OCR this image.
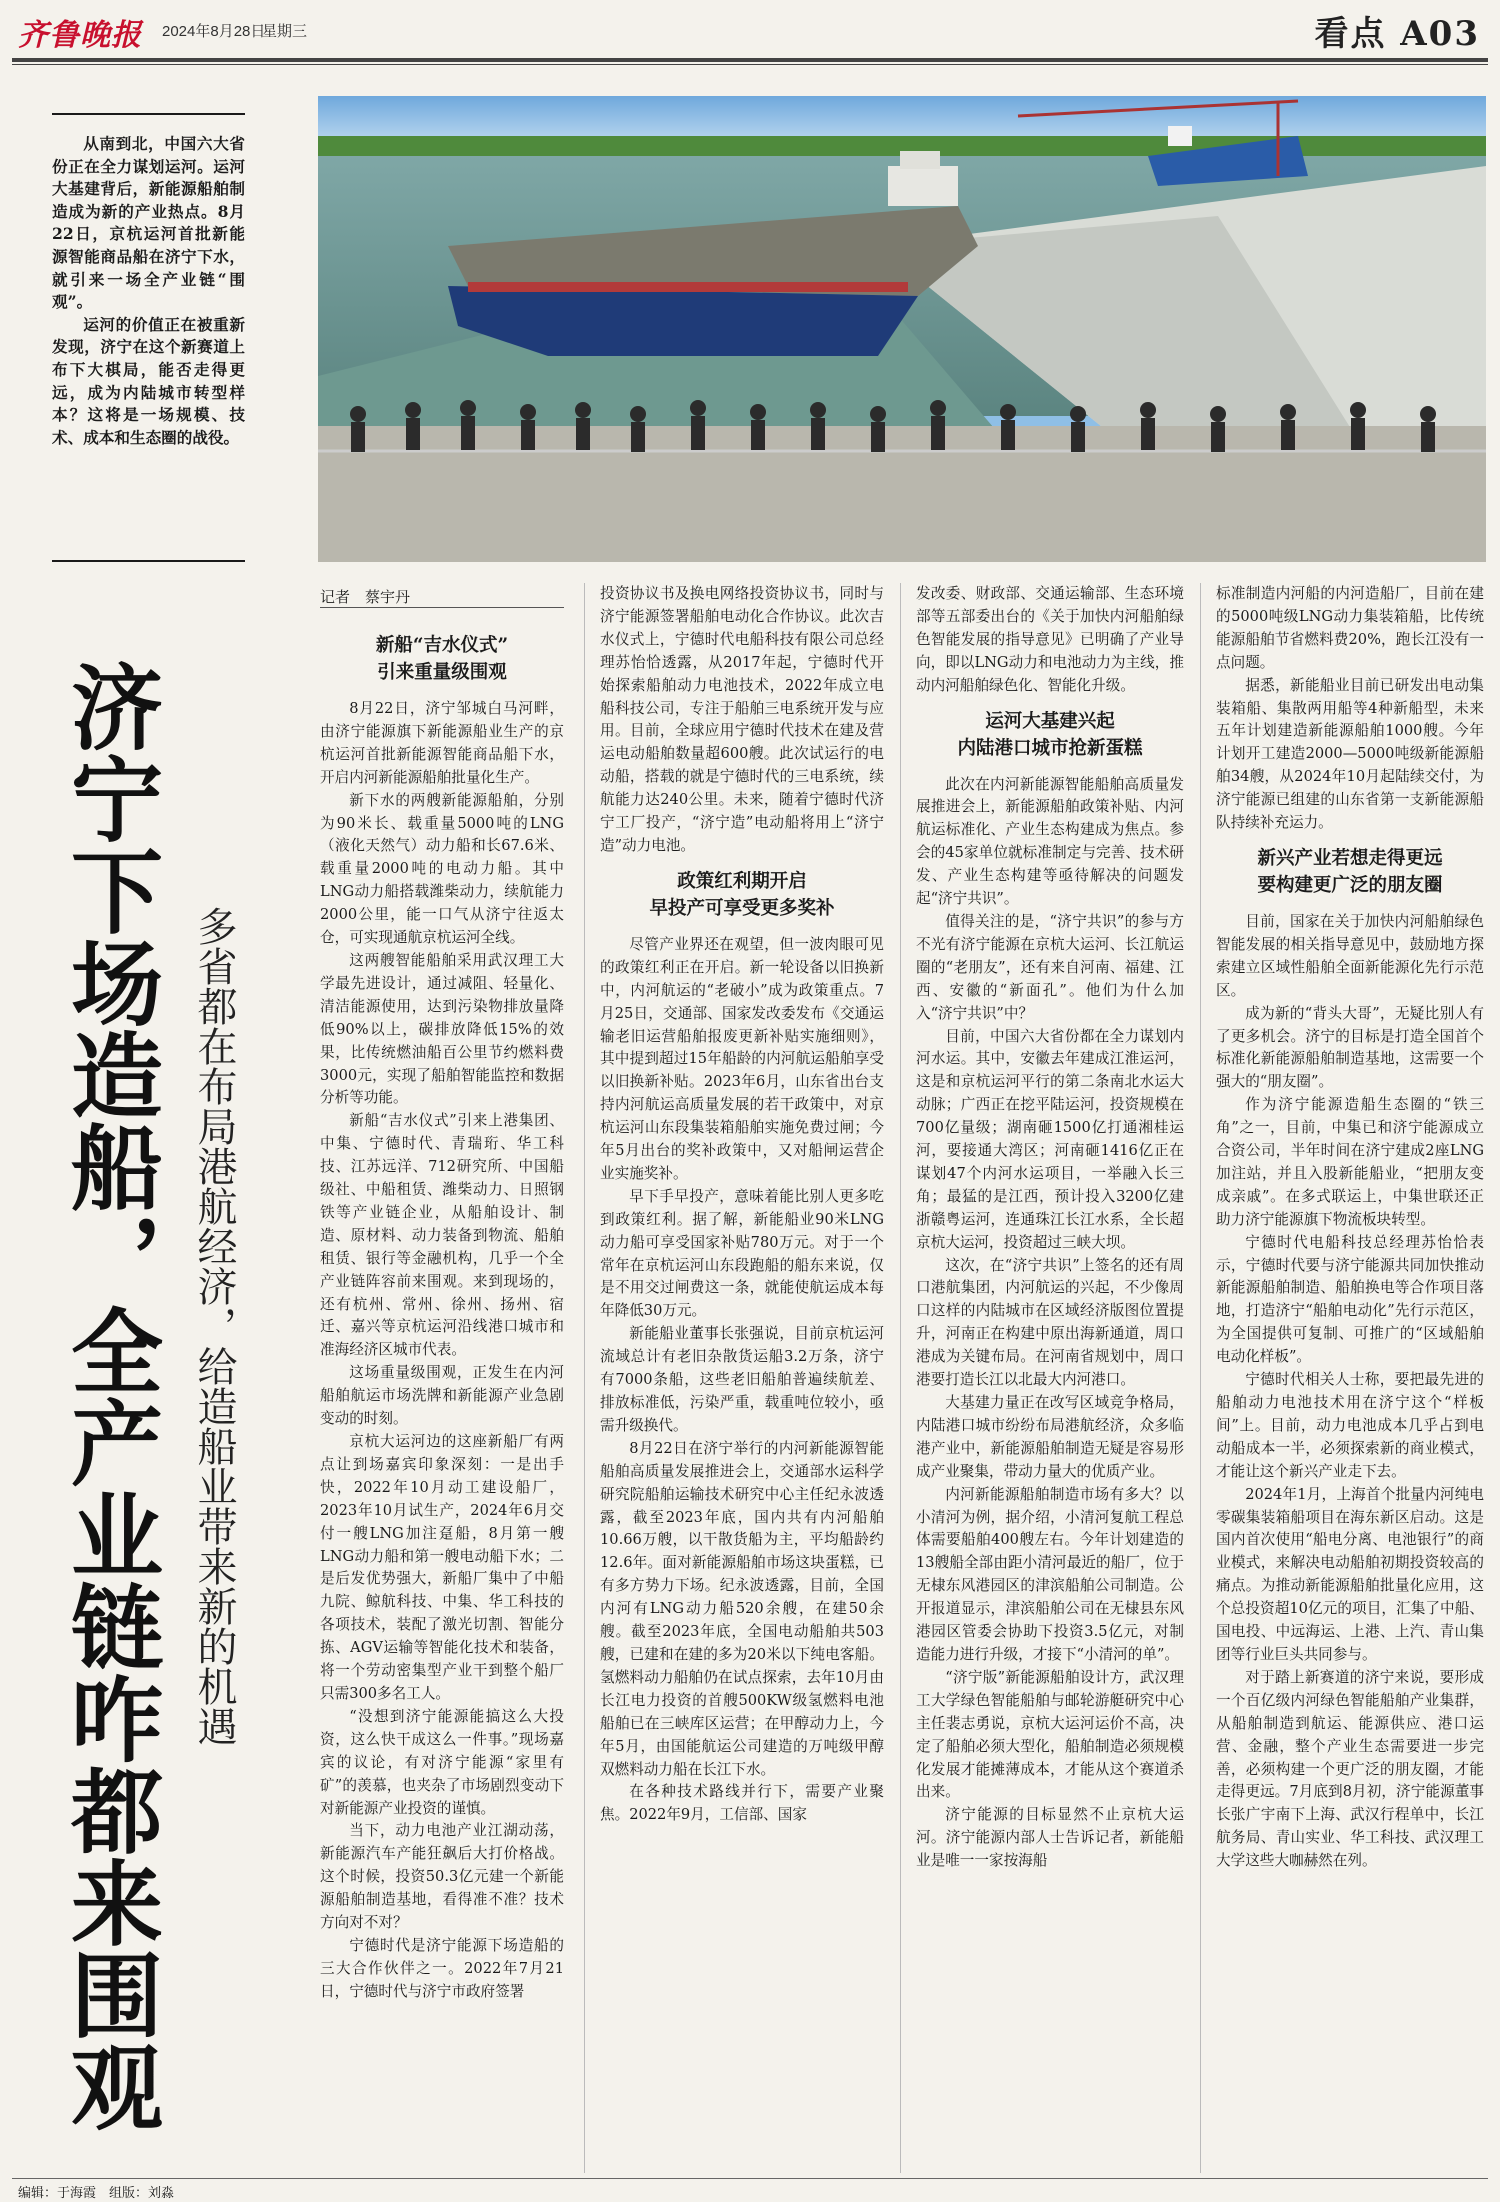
齐鲁晚报 2024年8月28日
星期三	看点 A03

从南到北，中国六大省份正在全力谋划运河。运河大基建背后，新能源船舶制造成为新的产业热点。8月22日，京杭运河首批新能源智能商品船在济宁下水，就引来一场全产业链“围观”。

运河的价值正在被重新发现，济宁在这个新赛道上布下大棋局，能否走得更远，成为内陆城市转型样本？这将是一场规模、技术、成本和生态圈的战役。

济宁下场造船，全产业链咋都来围观 多省都在布局港航经济，给造船业带来新的机遇
记者　蔡宇丹
新船“吉水仪式”
引来重量级围观

8月22日，济宁邹城白马河畔，由济宁能源旗下新能源船业生产的京杭运河首批新能源智能商品船下水，开启内河新能源船舶批量化生产。

新下水的两艘新能源船舶，分别为90米长、载重量5000吨的LNG（液化天然气）动力船和长67.6米、载重量2000吨的电动力船。其中LNG动力船搭载潍柴动力，续航能力2000公里，能一口气从济宁往返太仓，可实现通航京杭运河全线。

这两艘智能船舶采用武汉理工大学最先进设计，通过减阻、轻量化、清洁能源使用，达到污染物排放量降低90%以上，碳排放降低15%的效果，比传统燃油船百公里节约燃料费3000元，实现了船舶智能监控和数据分析等功能。

新船“吉水仪式”引来上港集团、中集、宁德时代、青瑞珩、华工科技、江苏远洋、712研究所、中国船级社、中船租赁、潍柴动力、日照钢铁等产业链企业，从船舶设计、制造、原材料、动力装备到物流、船舶租赁、银行等金融机构，几乎一个全产业链阵容前来围观。来到现场的，还有杭州、常州、徐州、扬州、宿迁、嘉兴等京杭运河沿线港口城市和准海经济区城市代表。

这场重量级围观，正发生在内河船舶航运市场洗牌和新能源产业急剧变动的时刻。

京杭大运河边的这座新船厂有两点让到场嘉宾印象深刻：一是出手快，2022年10月动工建设船厂，2023年10月试生产，2024年6月交付一艘LNG加注趸船，8月第一艘LNG动力船和第一艘电动船下水；二是后发优势强大，新船厂集中了中船九院、鲸航科技、中集、华工科技的各项技术，装配了激光切割、智能分拣、AGV运输等智能化技术和装备，将一个劳动密集型产业干到整个船厂只需300多名工人。

“没想到济宁能源能搞这么大投资，这么快干成这么一件事。”现场嘉宾的议论，有对济宁能源“家里有矿”的羡慕，也夹杂了市场剧烈变动下对新能源产业投资的谨慎。

当下，动力电池产业江湖动荡，新能源汽车产能狂飙后大打价格战。这个时候，投资50.3亿元建一个新能源船舶制造基地，看得准不准？技术方向对不对？

宁德时代是济宁能源下场造船的三大合作伙伴之一。2022年7月21日，宁德时代与济宁市政府签署

投资协议书及换电网络投资协议书，同时与济宁能源签署船舶电动化合作协议。此次吉水仪式上，宁德时代电船科技有限公司总经理苏怡恰透露，从2017年起，宁德时代开始探索船舶动力电池技术，2022年成立电船科技公司，专注于船舶三电系统开发与应用。目前，全球应用宁德时代技术在建及营运电动船舶数量超600艘。此次试运行的电动船，搭载的就是宁德时代的三电系统，续航能力达240公里。未来，随着宁德时代济宁工厂投产，“济宁造”电动船将用上“济宁造”动力电池。

政策红利期开启
早投产可享受更多奖补

尽管产业界还在观望，但一波肉眼可见的政策红利正在开启。新一轮设备以旧换新中，内河航运的“老破小”成为政策重点。7月25日，交通部、国家发改委发布《交通运输老旧运营船舶报废更新补贴实施细则》，其中提到超过15年船龄的内河航运船舶享受以旧换新补贴。2023年6月，山东省出台支持内河航运高质量发展的若干政策中，对京杭运河山东段集装箱船舶实施免费过闸；今年5月出台的奖补政策中，又对船闸运营企业实施奖补。

早下手早投产，意味着能比别人更多吃到政策红利。据了解，新能船业90米LNG动力船可享受国家补贴780万元。对于一个常年在京杭运河山东段跑船的船东来说，仅是不用交过闸费这一条，就能使航运成本每年降低30万元。

新能船业董事长张强说，目前京杭运河流域总计有老旧杂散货运船3.2万条，济宁有7000条船，这些老旧船舶普遍续航差、排放标准低，污染严重，载重吨位较小，亟需升级换代。

8月22日在济宁举行的内河新能源智能船舶高质量发展推进会上，交通部水运科学研究院船舶运输技术研究中心主任纪永波透露，截至2023年底，国内共有内河船舶10.66万艘，以干散货船为主，平均船龄约12.6年。面对新能源船舶市场这块蛋糕，已有多方势力下场。纪永波透露，目前，全国内河有LNG动力船520余艘，在建50余艘。截至2023年底，全国电动船舶共503艘，已建和在建的多为20米以下纯电客船。氢燃料动力船舶仍在试点探索，去年10月由长江电力投资的首艘500KW级氢燃料电池船舶已在三峡库区运营；在甲醇动力上，今年5月，由国能航运公司建造的万吨级甲醇双燃料动力船在长江下水。

在各种技术路线并行下，需要产业聚焦。2022年9月，工信部、国家

发改委、财政部、交通运输部、生态环境部等五部委出台的《关于加快内河船舶绿色智能发展的指导意见》已明确了产业导向，即以LNG动力和电池动力为主线，推动内河船舶绿色化、智能化升级。

运河大基建兴起
内陆港口城市抢新蛋糕

此次在内河新能源智能船舶高质量发展推进会上，新能源船舶政策补贴、内河航运标准化、产业生态构建成为焦点。参会的45家单位就标准制定与完善、技术研发、产业生态构建等亟待解决的问题发起“济宁共识”。

值得关注的是，“济宁共识”的参与方不光有济宁能源在京杭大运河、长江航运圈的“老朋友”，还有来自河南、福建、江西、安徽的“新面孔”。他们为什么加入“济宁共识”中？

目前，中国六大省份都在全力谋划内河水运。其中，安徽去年建成江淮运河，这是和京杭运河平行的第二条南北水运大动脉；广西正在挖平陆运河，投资规模在700亿量级；湖南砸1500亿打通湘桂运河，要接通大湾区；河南砸1416亿正在谋划47个内河水运项目，一举融入长三角；最猛的是江西，预计投入3200亿建浙赣粤运河，连通珠江长江水系，全长超京杭大运河，投资超过三峡大坝。

这次，在“济宁共识”上签名的还有周口港航集团，内河航运的兴起，不少像周口这样的内陆城市在区域经济版图位置提升，河南正在构建中原出海新通道，周口港成为关键布局。在河南省规划中，周口港要打造长江以北最大内河港口。

大基建力量正在改写区域竞争格局，内陆港口城市纷纷布局港航经济，众多临港产业中，新能源船舶制造无疑是容易形成产业聚集，带动力量大的优质产业。

内河新能源船舶制造市场有多大？以小清河为例，据介绍，小清河复航工程总体需要船舶400艘左右。今年计划建造的13艘船全部由距小清河最近的船厂，位于无棣东风港园区的津滨船舶公司制造。公开报道显示，津滨船舶公司在无棣县东风港园区管委会协助下投资3.5亿元，对制造能力进行升级，才接下“小清河的单”。

“济宁版”新能源船舶设计方，武汉理工大学绿色智能船舶与邮轮游艇研究中心主任裴志勇说，京杭大运河运价不高，决定了船舶必须大型化，船舶制造必须规模化发展才能摊薄成本，才能从这个赛道杀出来。

济宁能源的目标显然不止京杭大运河。济宁能源内部人士告诉记者，新能船业是唯一一家按海船

标准制造内河船的内河造船厂，目前在建的5000吨级LNG动力集装箱船，比传统能源船舶节省燃料费20%，跑长江没有一点问题。

据悉，新能船业目前已研发出电动集装箱船、集散两用船等4种新船型，未来五年计划建造新能源船舶1000艘。今年计划开工建造2000—5000吨级新能源船舶34艘，从2024年10月起陆续交付，为济宁能源已组建的山东省第一支新能源船队持续补充运力。

新兴产业若想走得更远
要构建更广泛的朋友圈

目前，国家在关于加快内河船舶绿色智能发展的相关指导意见中，鼓励地方探索建立区域性船舶全面新能源化先行示范区。

成为新的“背头大哥”，无疑比别人有了更多机会。济宁的目标是打造全国首个标准化新能源船舶制造基地，这需要一个强大的“朋友圈”。

作为济宁能源造船生态圈的“铁三角”之一，目前，中集已和济宁能源成立合资公司，半年时间在济宁建成2座LNG加注站，并且入股新能船业，“把朋友变成亲戚”。在多式联运上，中集世联还正助力济宁能源旗下物流板块转型。

宁德时代电船科技总经理苏怡恰表示，宁德时代要与济宁能源共同加快推动新能源船舶制造、船舶换电等合作项目落地，打造济宁“船舶电动化”先行示范区，为全国提供可复制、可推广的“区域船舶电动化样板”。

宁德时代相关人士称，要把最先进的船舶动力电池技术用在济宁这个“样板间”上。目前，动力电池成本几乎占到电动船成本一半，必须探索新的商业模式，才能让这个新兴产业走下去。

2024年1月，上海首个批量内河纯电零碳集装箱船项目在海东新区启动。这是国内首次使用“船电分离、电池银行”的商业模式，来解决电动船舶初期投资较高的痛点。为推动新能源船舶批量化应用，这个总投资超10亿元的项目，汇集了中船、国电投、中远海运、上港、上汽、青山集团等行业巨头共同参与。

对于踏上新赛道的济宁来说，要形成一个百亿级内河绿色智能船舶产业集群，从船舶制造到航运、能源供应、港口运营、金融，整个产业生态需要进一步完善，必须构建一个更广泛的朋友圈，才能走得更远。7月底到8月初，济宁能源董事长张广宇南下上海、武汉行程单中，长江航务局、青山实业、华工科技、武汉理工大学这些大咖赫然在列。

编辑：于海霞　 组版：刘淼
